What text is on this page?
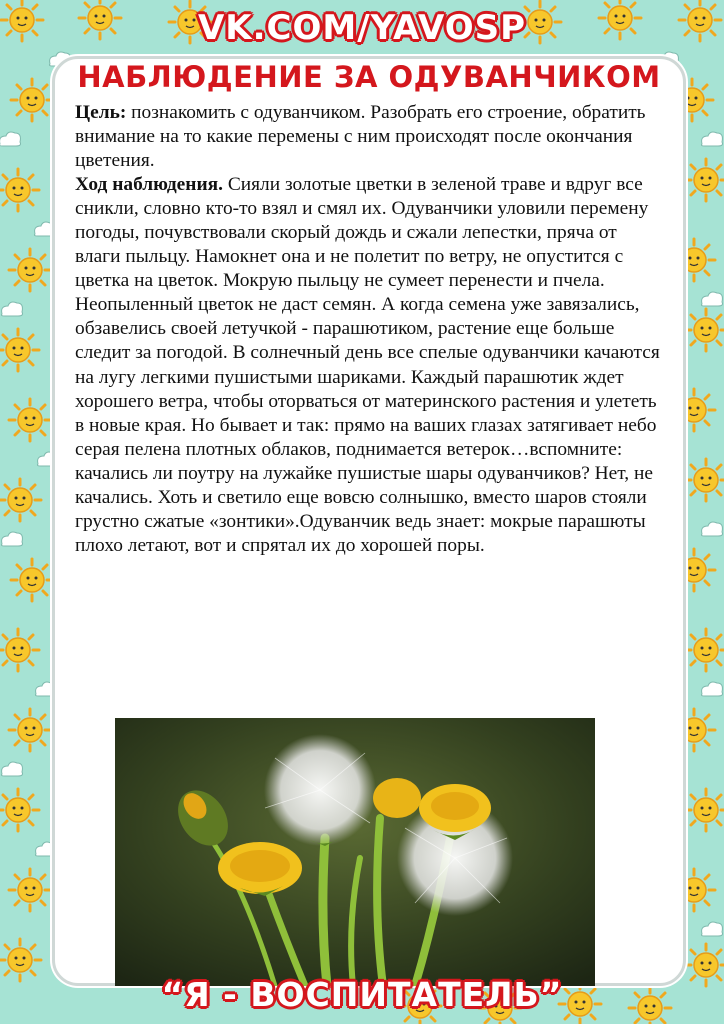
VK.COM/YAVOSP
НАБЛЮДЕНИЕ ЗА ОДУВАНЧИКОМ
Цель: познакомить с одуванчиком. Разобрать его строение, обратить внимание на то какие перемены с ним происходят после окончания цветения.
Ход наблюдения. Сияли золотые цветки в зеленой траве и вдруг все сникли, словно кто-то взял и смял их. Одуванчики уловили перемену погоды, почувствовали скорый дождь и сжали лепестки, пряча от влаги пыльцу. Намокнет она и не полетит по ветру, не опустится с цветка на цветок. Мокрую пыльцу не сумеет перенести и пчела. Неопыленный цветок не даст семян. А когда семена уже завязались, обзавелись своей летучкой - парашютиком, растение еще больше следит за погодой. В солнечный день все спелые одуванчики качаются на лугу легкими пушистыми шариками. Каждый парашютик ждет хорошего ветра, чтобы оторваться от материнского растения и улететь в новые края. Но бывает и так: прямо на ваших глазах затягивает небо серая пелена плотных облаков, поднимается ветерок…вспомните: качались ли поутру на лужайке пушистые шары одуванчиков? Нет, не качались. Хоть и светило еще вовсю солнышко, вместо шаров стояли грустно сжатые «зонтики».Одуванчик ведь знает: мокрые парашюты плохо летают, вот и спрятал их до хорошей поры.
“Я - ВОСПИТАТЕЛЬ”
